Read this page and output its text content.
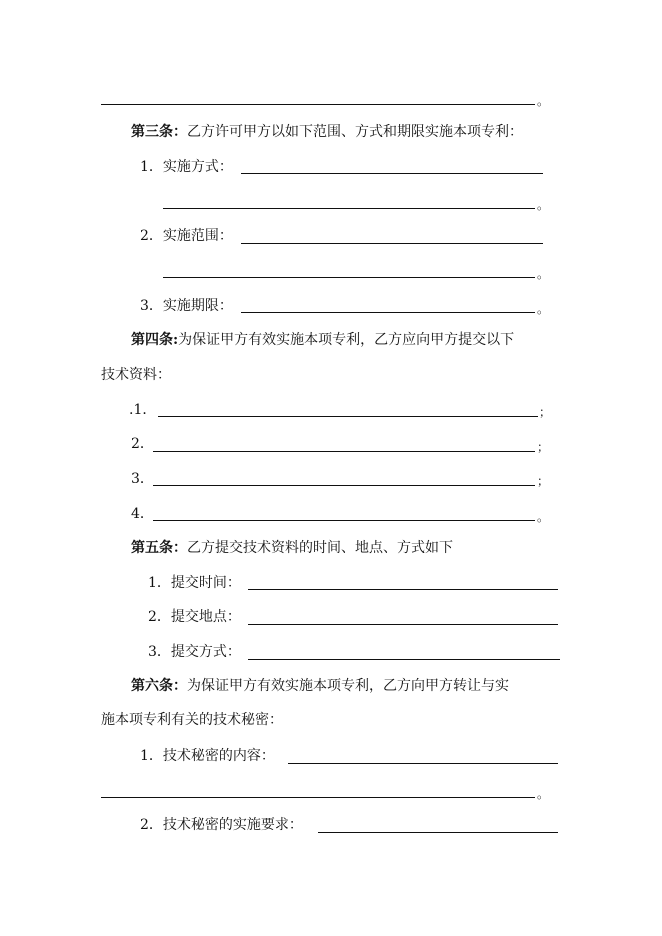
。
第三条：乙方许可甲方以如下范围、方式和期限实施本项专利：
1．实施方式：
。
2．实施范围：
。
3．实施期限：	。
第四条:为保证甲方有效实施本项专利，乙方应向甲方提交以下
技术资料：
.1．	；
2．	；
3．	；
4．	。
第五条：乙方提交技术资料的时间、地点、方式如下
1．提交时间：
2．提交地点：
3．提交方式：
第六条：为保证甲方有效实施本项专利，乙方向甲方转让与实
施本项专利有关的技术秘密：
1．技术秘密的内容：
。
2．技术秘密的实施要求：
